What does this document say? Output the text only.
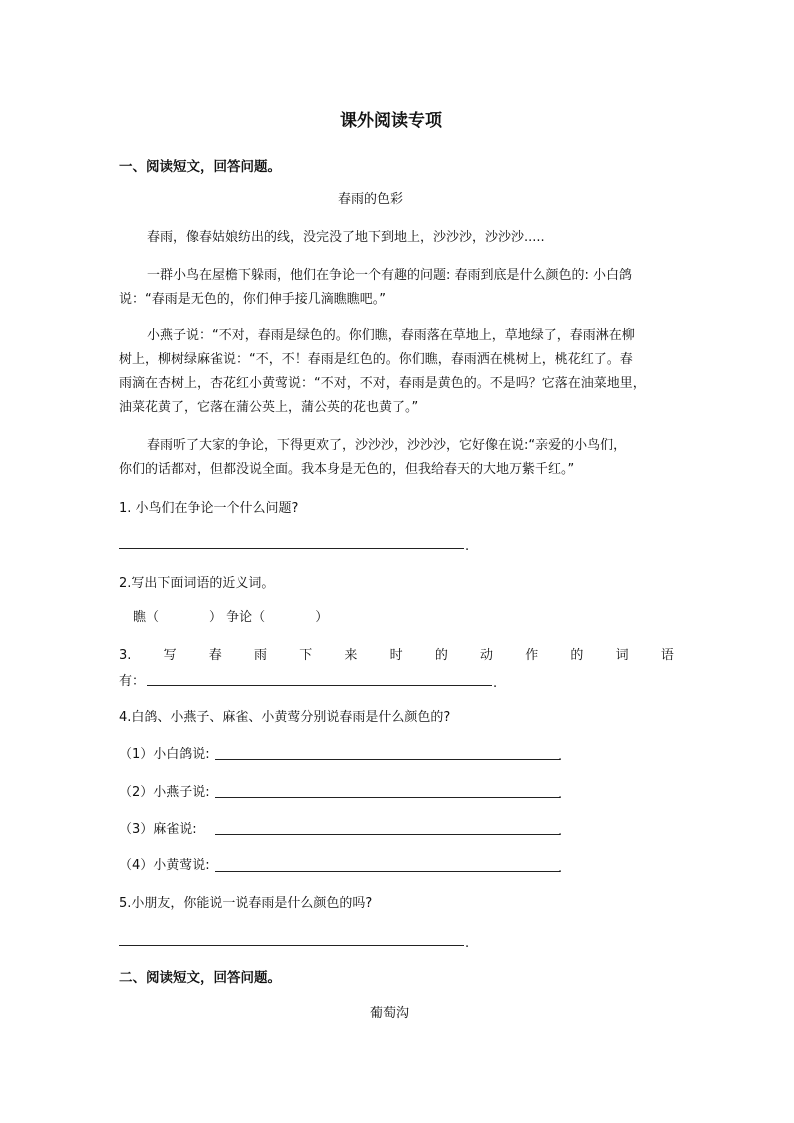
课外阅读专项
一、阅读短文，回答问题。
春雨的色彩
春雨，像春姑娘纺出的线，没完没了地下到地上，沙沙沙，沙沙沙.....
一群小鸟在屋檐下躲雨，他们在争论一个有趣的问题: 春雨到底是什么颜色的: 小白鸽
说：“春雨是无色的，你们伸手接几滴瞧瞧吧。”
小燕子说：“不对，春雨是绿色的。你们瞧，春雨落在草地上，草地绿了，春雨淋在柳
树上，柳树绿麻雀说：“不，不！春雨是红色的。你们瞧，春雨洒在桃树上，桃花红了。春
雨滴在杏树上，杏花红小黄莺说：“不对，不对，春雨是黄色的。不是吗？它落在油菜地里，
油菜花黄了，它落在蒲公英上，蒲公英的花也黄了。”
春雨听了大家的争论，下得更欢了，沙沙沙，沙沙沙，它好像在说:“亲爱的小鸟们，
你们的话都对，但都没说全面。我本身是无色的，但我给春天的大地万紫千红。”
1. 小鸟们在争论一个什么问题?
.
2.写出下面词语的近义词。
瞧（	） 争论（	）
3. 写 春 雨 下 来 时 的 动 作 的 词 语
有：	.
4.白鸽、小燕子、麻雀、小黄莺分别说春雨是什么颜色的?
（1）小白鸽说:	.
（2）小燕子说:	.
（3）麻雀说:	.
（4）小黄莺说:	.
5.小朋友，你能说一说春雨是什么颜色的吗?
.
二、阅读短文，回答问题。
葡萄沟
